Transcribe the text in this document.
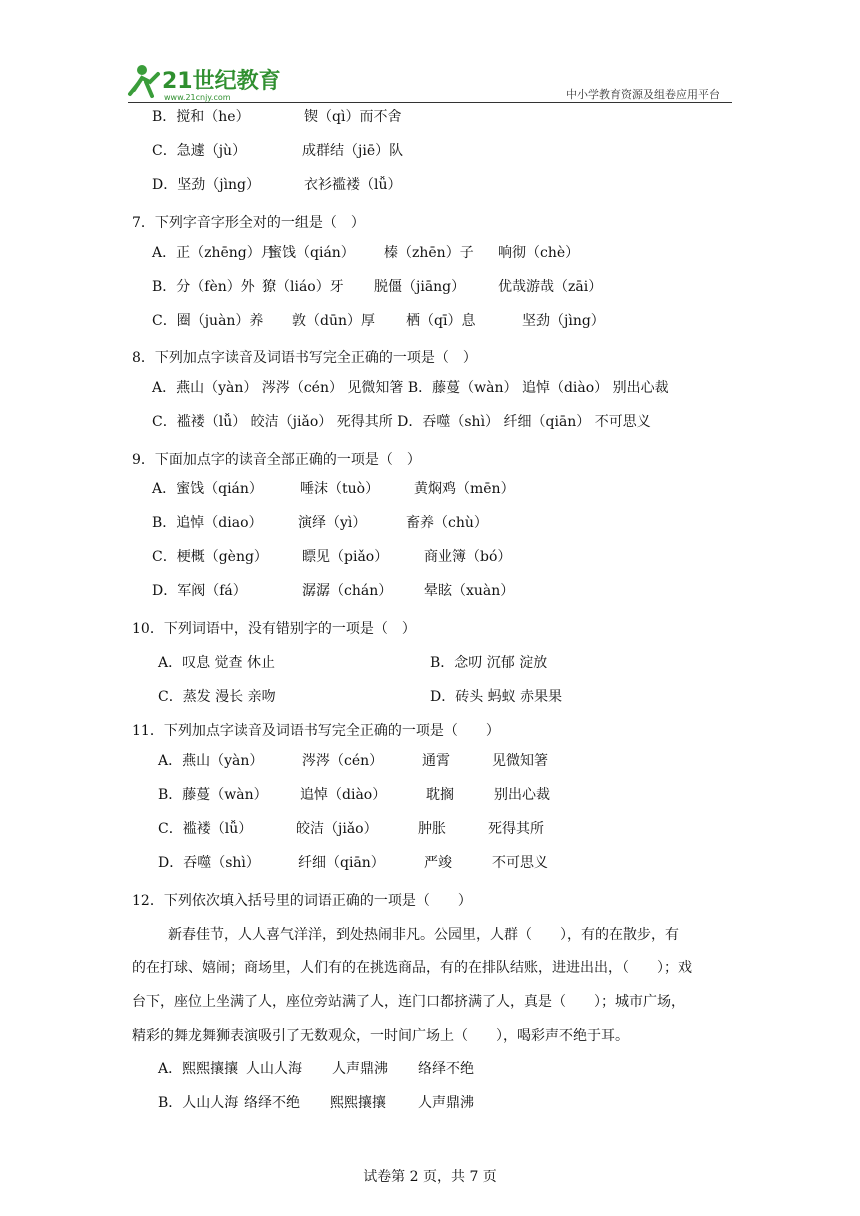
21世纪教育
www.21cnjy.com	中小学教育资源及组卷应用平台
B．搅和（he）	锲（qì）而不舍
C．急遽（jù）	成群结（jiē）队
D．坚劲（jìng）	衣衫褴褛（lǚ）
7．下列字音字形全对的一组是（　）
A．正（zhēng）月蜜饯（qián） 榛（zhēn）子 响彻（chè）
B．分（fèn）外 獠（liáo）牙 脱僵（jiāng） 优哉游哉（zāi）
C．圈（juàn）养 敦（dūn）厚 栖（qī）息	坚劲（jìng）
8．下列加点字读音及词语书写完全正确的一项是（　）
A．燕山（yàn） 涔涔（cén） 见微知箸 B．藤蔓（wàn） 追悼（diào） 别出心裁
C．褴褛（lǚ） 皎洁（jiǎo） 死得其所 D．吞噬（shì） 纤细（qiān） 不可思义
9．下面加点字的读音全部正确的一项是（　）
A．蜜饯（qián）	唾沫（tuò） 黄焖鸡（mēn）
B．追悼（diao）	演绎（yì）	畜养（chù）
C．梗概（gèng） 瞟见（piǎo）	商业簿（bó）
D．军阀（fá）	潺潺（chán） 晕眩（xuàn）
10．下列词语中，没有错别字的一项是（　）
A．叹息 觉查 休止	B．念叨 沉郁 淀放
C．蒸发 漫长 亲吻	D．砖头 蚂蚁 赤果果
11．下列加点字读音及词语书写完全正确的一项是（　　）
A．燕山（yàn）	涔涔（cén）	通霄	见微知箸
B．藤蔓（wàn） 追悼（diào）	耽搁	别出心裁
C．褴褛（lǚ）	皎洁（jiǎo）	肿胀	死得其所
D．吞噬（shì）	纤细（qiān）	严竣	不可思义
12．下列依次填入括号里的词语正确的一项是（　　）
新春佳节，人人喜气洋洋，到处热闹非凡。公园里，人群（　　），有的在散步，有
的在打球、嬉闹；商场里，人们有的在挑选商品，有的在排队结账，进进出出，（　　）；戏
台下，座位上坐满了人，座位旁站满了人，连门口都挤满了人，真是（　　）；城市广场，
精彩的舞龙舞狮表演吸引了无数观众，一时间广场上（　　），喝彩声不绝于耳。
A．熙熙攘攘 人山人海 人声鼎沸 络绎不绝
B．人山人海 络绎不绝 熙熙攘攘 人声鼎沸
试卷第 2 页，共 7 页
